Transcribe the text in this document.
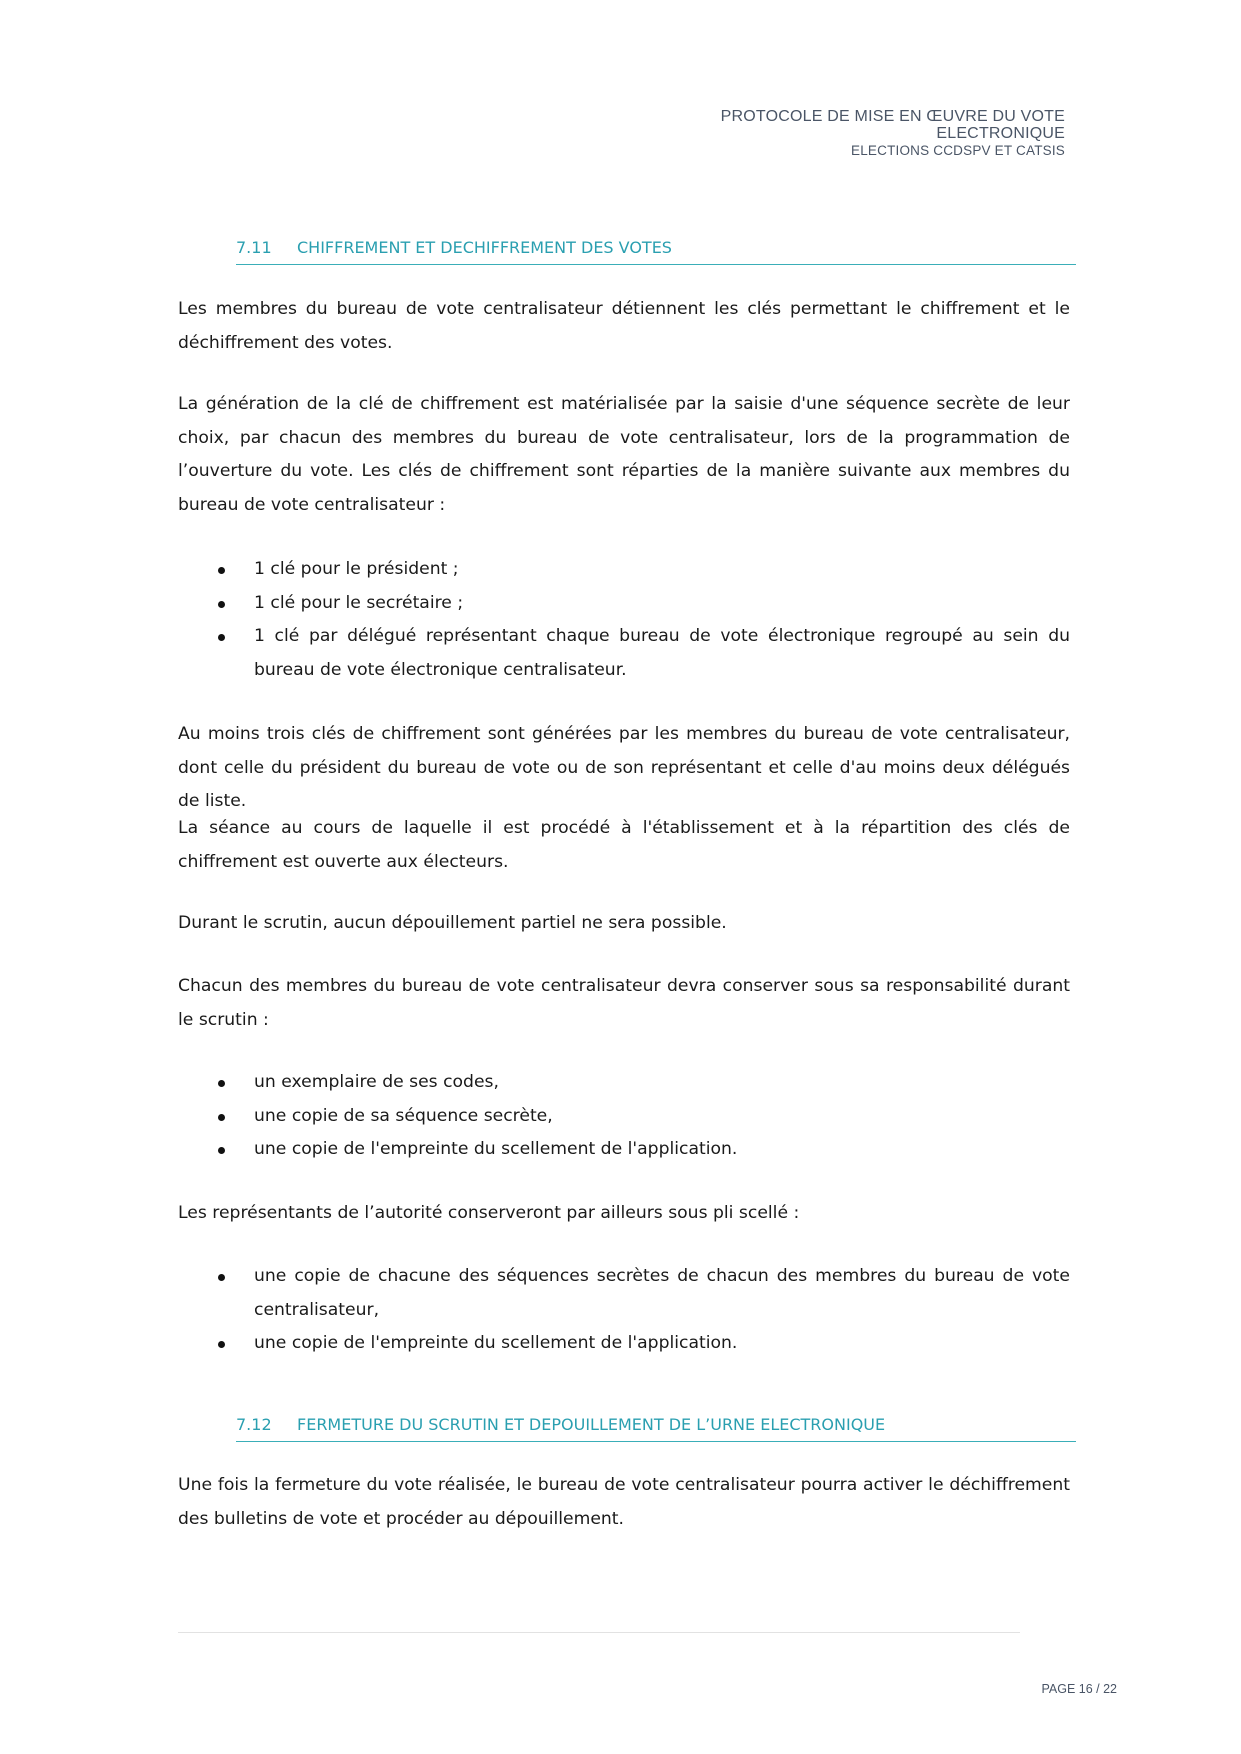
PROTOCOLE DE MISE EN ŒUVRE DU VOTE
ELECTRONIQUE
ELECTIONS CCDSPV ET CATSIS
7.11 CHIFFREMENT ET DECHIFFREMENT DES VOTES

Les membres du bureau de vote centralisateur détiennent les clés permettant le chiffrement et le déchiffrement des votes.

La génération de la clé de chiffrement est matérialisée par la saisie d'une séquence secrète de leur choix, par chacun des membres du bureau de vote centralisateur, lors de la programmation de l’ouverture du vote. Les clés de chiffrement sont réparties de la manière suivante aux membres du bureau de vote centralisateur :

1 clé pour le président ;
1 clé pour le secrétaire ;
1 clé par délégué représentant chaque bureau de vote électronique regroupé au sein du bureau de vote électronique centralisateur.

Au moins trois clés de chiffrement sont générées par les membres du bureau de vote centralisateur, dont celle du président du bureau de vote ou de son représentant et celle d'au moins deux délégués de liste.

La séance au cours de laquelle il est procédé à l'établissement et à la répartition des clés de chiffrement est ouverte aux électeurs.

Durant le scrutin, aucun dépouillement partiel ne sera possible.

Chacun des membres du bureau de vote centralisateur devra conserver sous sa responsabilité durant le scrutin :

un exemplaire de ses codes,
une copie de sa séquence secrète,
une copie de l'empreinte du scellement de l'application.

Les représentants de l’autorité conserveront par ailleurs sous pli scellé :

une copie de chacune des séquences secrètes de chacun des membres du bureau de vote centralisateur,
une copie de l'empreinte du scellement de l'application.
7.12 FERMETURE DU SCRUTIN ET DEPOUILLEMENT DE L’URNE ELECTRONIQUE

Une fois la fermeture du vote réalisée, le bureau de vote centralisateur pourra activer le déchiffrement des bulletins de vote et procéder au dépouillement.

PAGE 16 / 22
